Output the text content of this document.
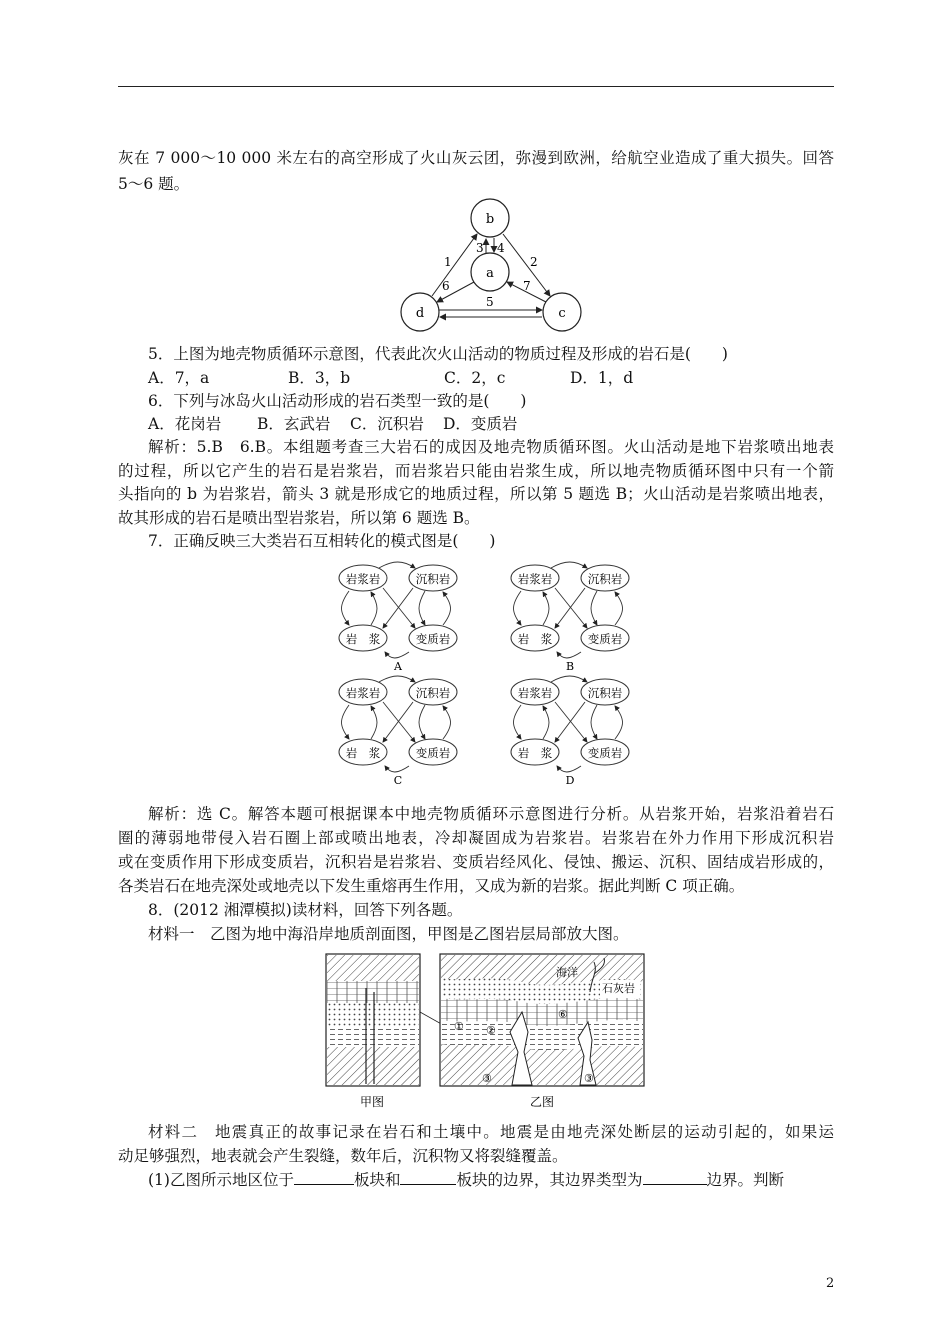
灰在 7 000～10 000 米左右的高空形成了火山灰云团，弥漫到欧洲，给航空业造成了重大损失。回答
5～6 题。
b
a
d	c
1	2
3 4
5
6	7
5．上图为地壳物质循环示意图，代表此次火山活动的物质过程及形成的岩石是(　　)
A．7，a	B．3，b	C．2，c	D．1，d
6．下列与冰岛火山活动形成的岩石类型一致的是(　　)
A．花岗岩 B．玄武岩 C．沉积岩 D．变质岩
解析：5.B　6.B。本组题考查三大岩石的成因及地壳物质循环图。火山活动是地下岩浆喷出地表
的过程，所以它产生的岩石是岩浆岩，而岩浆岩只能由岩浆生成，所以地壳物质循环图中只有一个箭
头指向的 b 为岩浆岩，箭头 3 就是形成它的地质过程，所以第 5 题选 B；火山活动是岩浆喷出地表，
故其形成的岩石是喷出型岩浆岩，所以第 6 题选 B。
7．正确反映三大类岩石互相转化的模式图是(　　)
岩浆岩	沉积岩
岩　浆	变质岩
A
岩浆岩	沉积岩
岩　浆	变质岩
B
岩浆岩	沉积岩
岩　浆	变质岩
C
岩浆岩	沉积岩
岩　浆	变质岩
D
解析：选 C。解答本题可根据课本中地壳物质循环示意图进行分析。从岩浆开始，岩浆沿着岩石
圈的薄弱地带侵入岩石圈上部或喷出地表，冷却凝固成为岩浆岩。岩浆岩在外力作用下形成沉积岩
或在变质作用下形成变质岩，沉积岩是岩浆岩、变质岩经风化、侵蚀、搬运、沉积、固结成岩形成的，
各类岩石在地壳深处或地壳以下发生重熔再生作用，又成为新的岩浆。据此判断 C 项正确。
8．(2012 湘潭模拟)读材料，回答下列各题。
材料一　乙图为地中海沿岸地质剖面图，甲图是乙图岩层局部放大图。
甲图
海洋
石灰岩
① ②
⑥
③	③
乙图
材料二　地震真正的故事记录在岩石和土壤中。地震是由地壳深处断层的运动引起的，如果运
动足够强烈，地表就会产生裂缝，数年后，沉积物又将裂缝覆盖。
(1)乙图所示地区位于	板块和	板块的边界，其边界类型为	边界。判断
2
